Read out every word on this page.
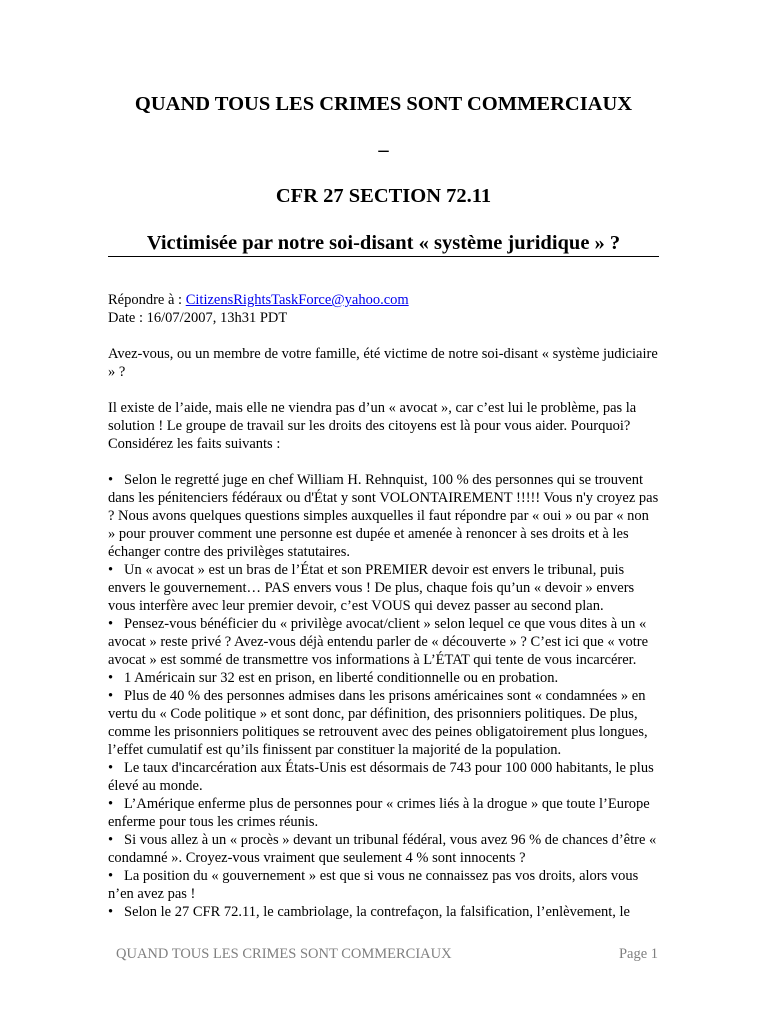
QUAND TOUS LES CRIMES SONT COMMERCIAUX
–
CFR 27 SECTION 72.11
Victimisée par notre soi-disant « système juridique » ?
Répondre à : CitizensRightsTaskForce@yahoo.com
Date : 16/07/2007, 13h31 PDT

Avez-vous, ou un membre de votre famille, été victime de notre soi-disant « système judiciaire » ?

Il existe de l’aide, mais elle ne viendra pas d’un « avocat », car c’est lui le problème, pas la solution ! Le groupe de travail sur les droits des citoyens est là pour vous aider. Pourquoi? Considérez les faits suivants :

• Selon le regretté juge en chef William H. Rehnquist, 100 % des personnes qui se trouvent dans les pénitenciers fédéraux ou d'État y sont VOLONTAIREMENT !!!!! Vous n'y croyez pas ? Nous avons quelques questions simples auxquelles il faut répondre par « oui » ou par « non » pour prouver comment une personne est dupée et amenée à renoncer à ses droits et à les échanger contre des privilèges statutaires.
• Un « avocat » est un bras de l’État et son PREMIER devoir est envers le tribunal, puis envers le gouvernement… PAS envers vous ! De plus, chaque fois qu’un « devoir » envers vous interfère avec leur premier devoir, c’est VOUS qui devez passer au second plan.
• Pensez-vous bénéficier du « privilège avocat/client » selon lequel ce que vous dites à un « avocat » reste privé ? Avez-vous déjà entendu parler de « découverte » ? C’est ici que « votre avocat » est sommé de transmettre vos informations à L’ÉTAT qui tente de vous incarcérer.
• 1 Américain sur 32 est en prison, en liberté conditionnelle ou en probation.
• Plus de 40 % des personnes admises dans les prisons américaines sont « condamnées » en vertu du « Code politique » et sont donc, par définition, des prisonniers politiques. De plus, comme les prisonniers politiques se retrouvent avec des peines obligatoirement plus longues, l’effet cumulatif est qu’ils finissent par constituer la majorité de la population.
• Le taux d'incarcération aux États-Unis est désormais de 743 pour 100 000 habitants, le plus élevé au monde.
• L’Amérique enferme plus de personnes pour « crimes liés à la drogue » que toute l’Europe enferme pour tous les crimes réunis.
• Si vous allez à un « procès » devant un tribunal fédéral, vous avez 96 % de chances d’être « condamné ». Croyez-vous vraiment que seulement 4 % sont innocents ?
• La position du « gouvernement » est que si vous ne connaissez pas vos droits, alors vous n’en avez pas !
• Selon le 27 CFR 72.11, le cambriolage, la contrefaçon, la falsification, l’enlèvement, le
QUAND TOUS LES CRIMES SONT COMMERCIAUX	Page 1
